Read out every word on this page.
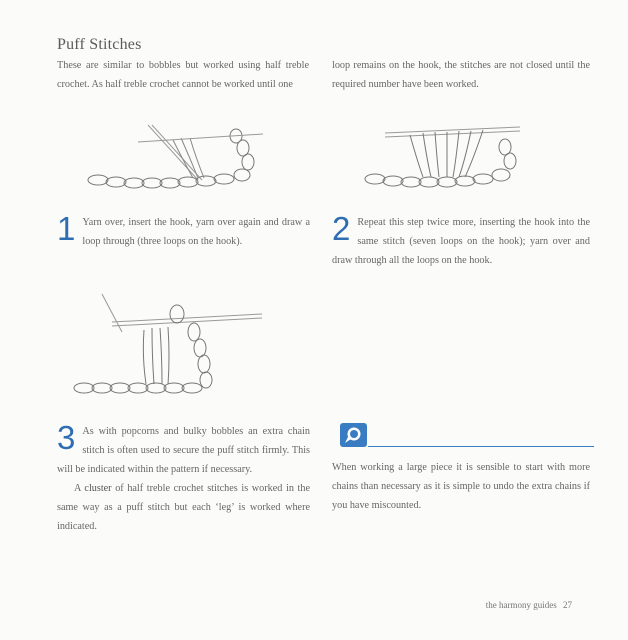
Puff Stitches
These are similar to bobbles but worked using half treble crochet. As half treble crochet cannot be worked until one
loop remains on the hook, the stitches are not closed until the required number have been worked.
1 Yarn over, insert the hook, yarn over again and draw a loop through (three loops on the hook).	2 Repeat this step twice more, inserting the hook into the same stitch (seven loops on the hook); yarn over and draw through all the loops on the hook.
3 As with popcorns and bulky bobbles an extra chain stitch is often used to secure the puff stitch firmly. This will be indicated within the pattern if necessary.
A cluster of half treble crochet stitches is worked in the same way as a puff stitch but each ‘leg’ is worked where indicated.
When working a large piece it is sensible to start with more chains than necessary as it is simple to undo the extra chains if you have miscounted.
the harmony guides 27
